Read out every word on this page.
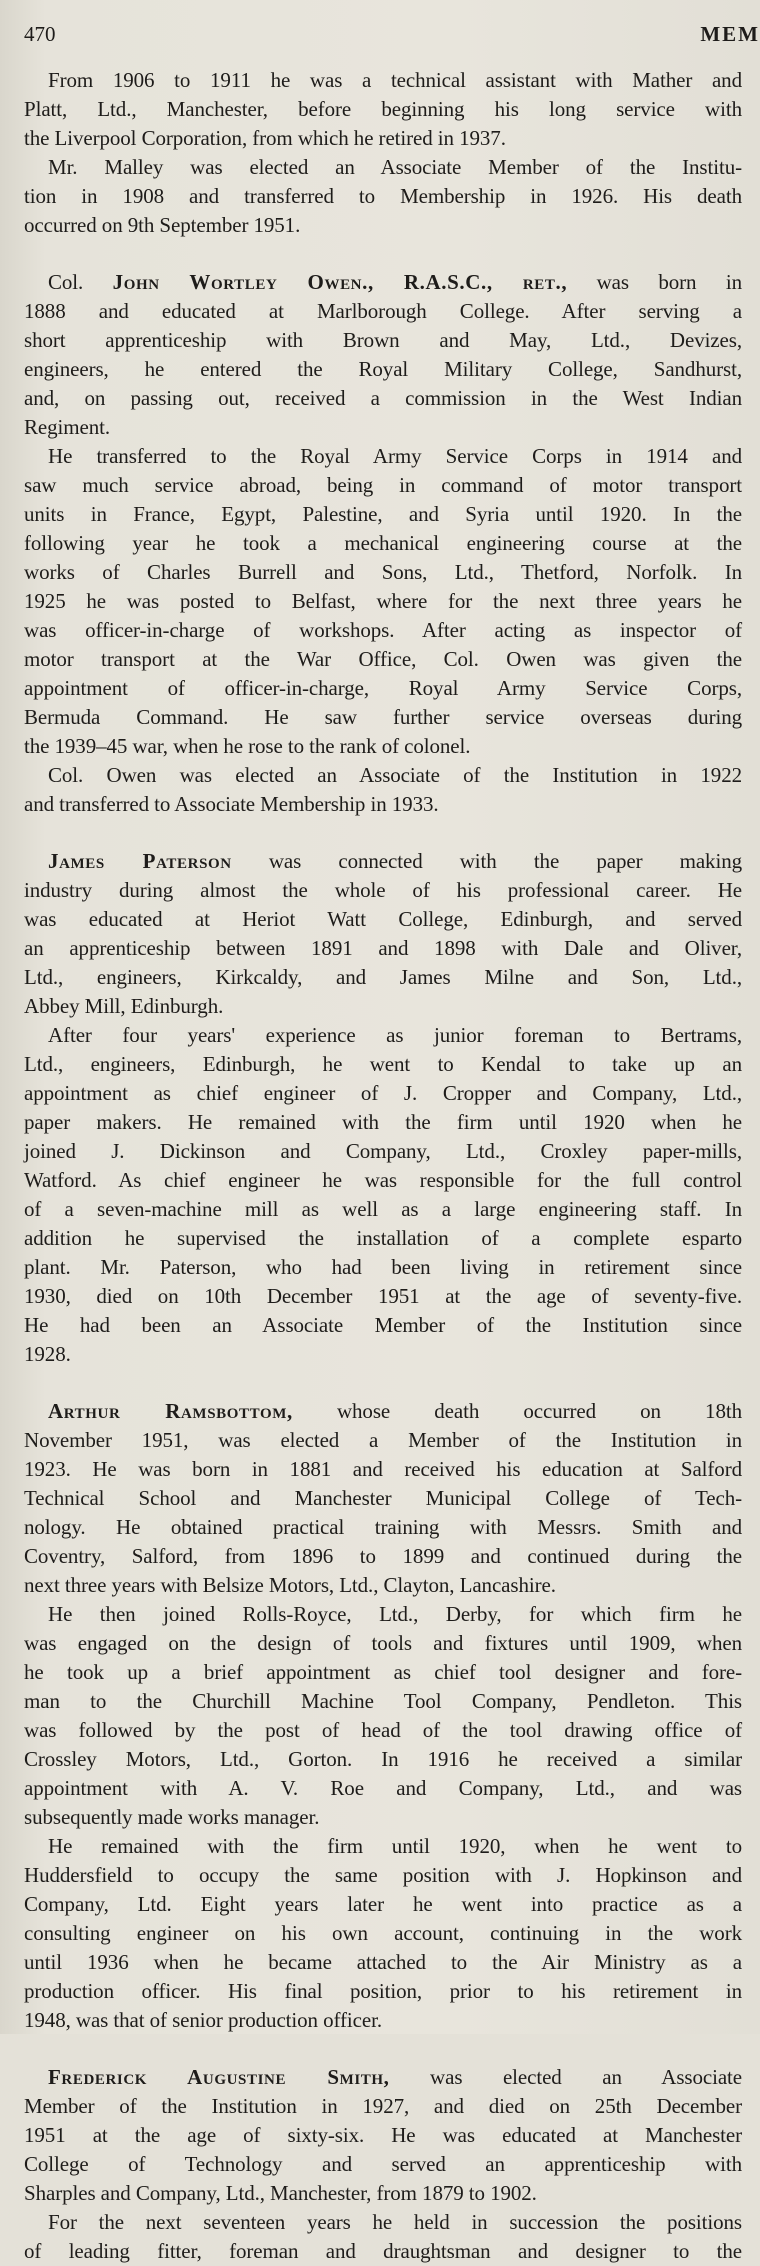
470	MEM
From 1906 to 1911 he was a technical assistant with Mather and
Platt, Ltd., Manchester, before beginning his long service with
the Liverpool Corporation, from which he retired in 1937.
Mr. Malley was elected an Associate Member of the Institu-
tion in 1908 and transferred to Membership in 1926. His death
occurred on 9th September 1951.
Col. John Wortley Owen., R.A.S.C., ret., was born in
1888 and educated at Marlborough College. After serving a
short apprenticeship with Brown and May, Ltd., Devizes,
engineers, he entered the Royal Military College, Sandhurst,
and, on passing out, received a commission in the West Indian
Regiment.
He transferred to the Royal Army Service Corps in 1914 and
saw much service abroad, being in command of motor transport
units in France, Egypt, Palestine, and Syria until 1920. In the
following year he took a mechanical engineering course at the
works of Charles Burrell and Sons, Ltd., Thetford, Norfolk. In
1925 he was posted to Belfast, where for the next three years he
was officer-in-charge of workshops. After acting as inspector of
motor transport at the War Office, Col. Owen was given the
appointment of officer-in-charge, Royal Army Service Corps,
Bermuda Command. He saw further service overseas during
the 1939–45 war, when he rose to the rank of colonel.
Col. Owen was elected an Associate of the Institution in 1922
and transferred to Associate Membership in 1933.
James Paterson was connected with the paper making
industry during almost the whole of his professional career. He
was educated at Heriot Watt College, Edinburgh, and served
an apprenticeship between 1891 and 1898 with Dale and Oliver,
Ltd., engineers, Kirkcaldy, and James Milne and Son, Ltd.,
Abbey Mill, Edinburgh.
After four years' experience as junior foreman to Bertrams,
Ltd., engineers, Edinburgh, he went to Kendal to take up an
appointment as chief engineer of J. Cropper and Company, Ltd.,
paper makers. He remained with the firm until 1920 when he
joined J. Dickinson and Company, Ltd., Croxley paper-mills,
Watford. As chief engineer he was responsible for the full control
of a seven-machine mill as well as a large engineering staff. In
addition he supervised the installation of a complete esparto
plant. Mr. Paterson, who had been living in retirement since
1930, died on 10th December 1951 at the age of seventy-five.
He had been an Associate Member of the Institution since
1928.
Arthur Ramsbottom, whose death occurred on 18th
November 1951, was elected a Member of the Institution in
1923. He was born in 1881 and received his education at Salford
Technical School and Manchester Municipal College of Tech-
nology. He obtained practical training with Messrs. Smith and
Coventry, Salford, from 1896 to 1899 and continued during the
next three years with Belsize Motors, Ltd., Clayton, Lancashire.
He then joined Rolls-Royce, Ltd., Derby, for which firm he
was engaged on the design of tools and fixtures until 1909, when
he took up a brief appointment as chief tool designer and fore-
man to the Churchill Machine Tool Company, Pendleton. This
was followed by the post of head of the tool drawing office of
Crossley Motors, Ltd., Gorton. In 1916 he received a similar
appointment with A. V. Roe and Company, Ltd., and was
subsequently made works manager.
He remained with the firm until 1920, when he went to
Huddersfield to occupy the same position with J. Hopkinson and
Company, Ltd. Eight years later he went into practice as a
consulting engineer on his own account, continuing in the work
until 1936 when he became attached to the Air Ministry as a
production officer. His final position, prior to his retirement in
1948, was that of senior production officer.
Frederick Augustine Smith, was elected an Associate
Member of the Institution in 1927, and died on 25th December
1951 at the age of sixty-six. He was educated at Manchester
College of Technology and served an apprenticeship with
Sharples and Company, Ltd., Manchester, from 1879 to 1902.
For the next seventeen years he held in succession the positions
of leading fitter, foreman and draughtsman and designer to the
